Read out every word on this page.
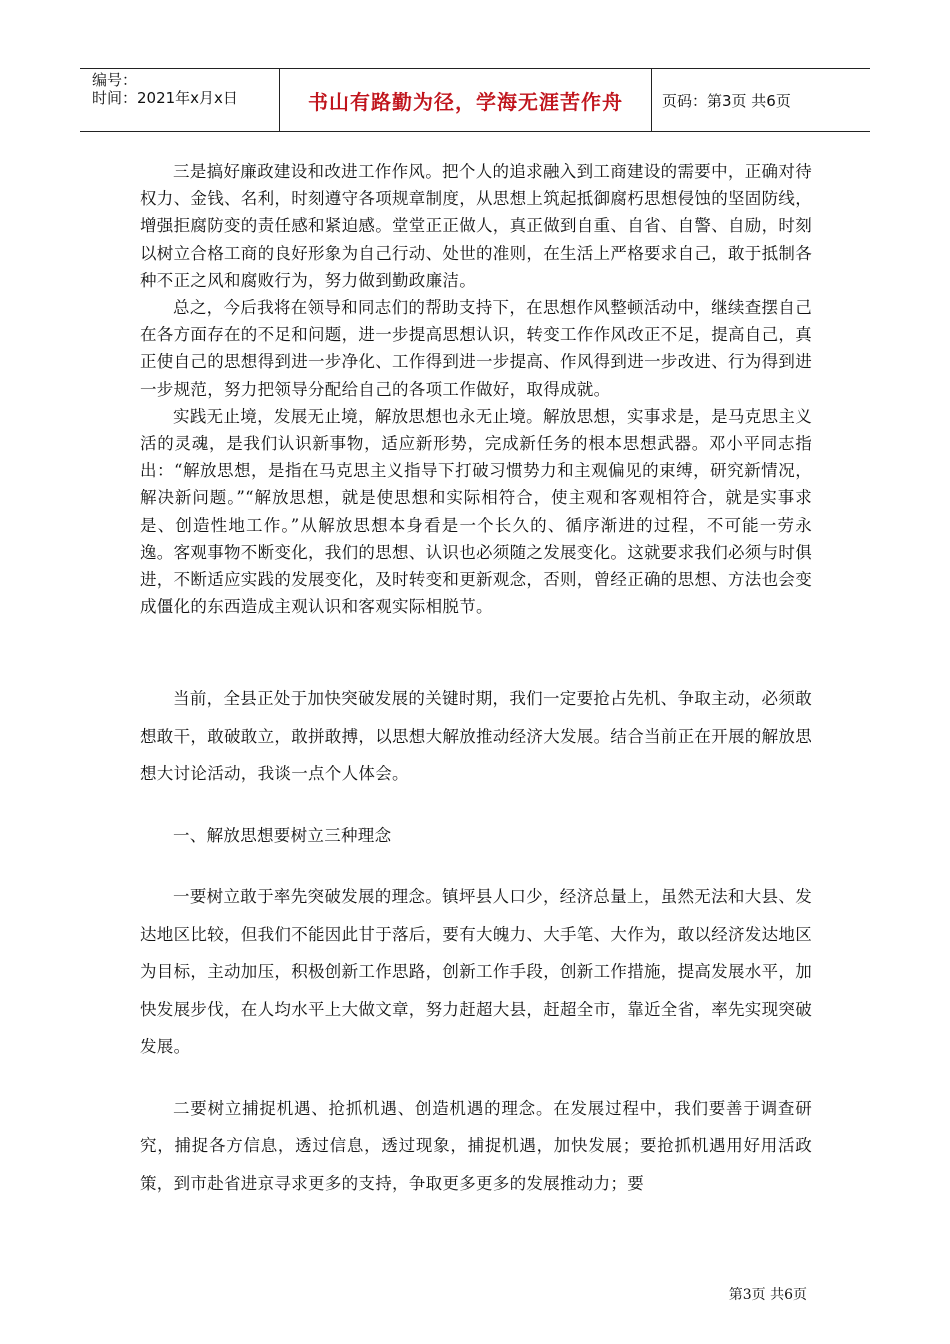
编号：
时间：2021年x月x日	书山有路勤为径，学海无涯苦作舟	页码：第3页 共6页

三是搞好廉政建设和改进工作作风。把个人的追求融入到工商建设的需要中，正确对待权力、金钱、名利，时刻遵守各项规章制度，从思想上筑起抵御腐朽思想侵蚀的坚固防线，增强拒腐防变的责任感和紧迫感。堂堂正正做人，真正做到自重、自省、自警、自励，时刻以树立合格工商的良好形象为自己行动、处世的准则，在生活上严格要求自己，敢于抵制各种不正之风和腐败行为，努力做到勤政廉洁。

总之，今后我将在领导和同志们的帮助支持下，在思想作风整顿活动中，继续查摆自己在各方面存在的不足和问题，进一步提高思想认识，转变工作作风改正不足，提高自己，真正使自己的思想得到进一步净化、工作得到进一步提高、作风得到进一步改进、行为得到进一步规范，努力把领导分配给自己的各项工作做好，取得成就。

实践无止境，发展无止境，解放思想也永无止境。解放思想，实事求是，是马克思主义活的灵魂，是我们认识新事物，适应新形势，完成新任务的根本思想武器。邓小平同志指出：“解放思想，是指在马克思主义指导下打破习惯势力和主观偏见的束缚，研究新情况，解决新问题。”“解放思想，就是使思想和实际相符合，使主观和客观相符合，就是实事求是、创造性地工作。”从解放思想本身看是一个长久的、循序渐进的过程，不可能一劳永逸。客观事物不断变化，我们的思想、认识也必须随之发展变化。这就要求我们必须与时俱进，不断适应实践的发展变化，及时转变和更新观念，否则，曾经正确的思想、方法也会变成僵化的东西造成主观认识和客观实际相脱节。

当前，全县正处于加快突破发展的关键时期，我们一定要抢占先机、争取主动，必须敢想敢干，敢破敢立，敢拼敢搏，以思想大解放推动经济大发展。结合当前正在开展的解放思想大讨论活动，我谈一点个人体会。

一、解放思想要树立三种理念

一要树立敢于率先突破发展的理念。镇坪县人口少，经济总量上，虽然无法和大县、发达地区比较，但我们不能因此甘于落后，要有大魄力、大手笔、大作为，敢以经济发达地区为目标，主动加压，积极创新工作思路，创新工作手段，创新工作措施，提高发展水平，加快发展步伐，在人均水平上大做文章，努力赶超大县，赶超全市，靠近全省，率先实现突破发展。

二要树立捕捉机遇、抢抓机遇、创造机遇的理念。在发展过程中，我们要善于调查研究，捕捉各方信息，透过信息，透过现象，捕捉机遇，加快发展；要抢抓机遇用好用活政策，到市赴省进京寻求更多的支持，争取更多更多的发展推动力；要

第3页 共6页
